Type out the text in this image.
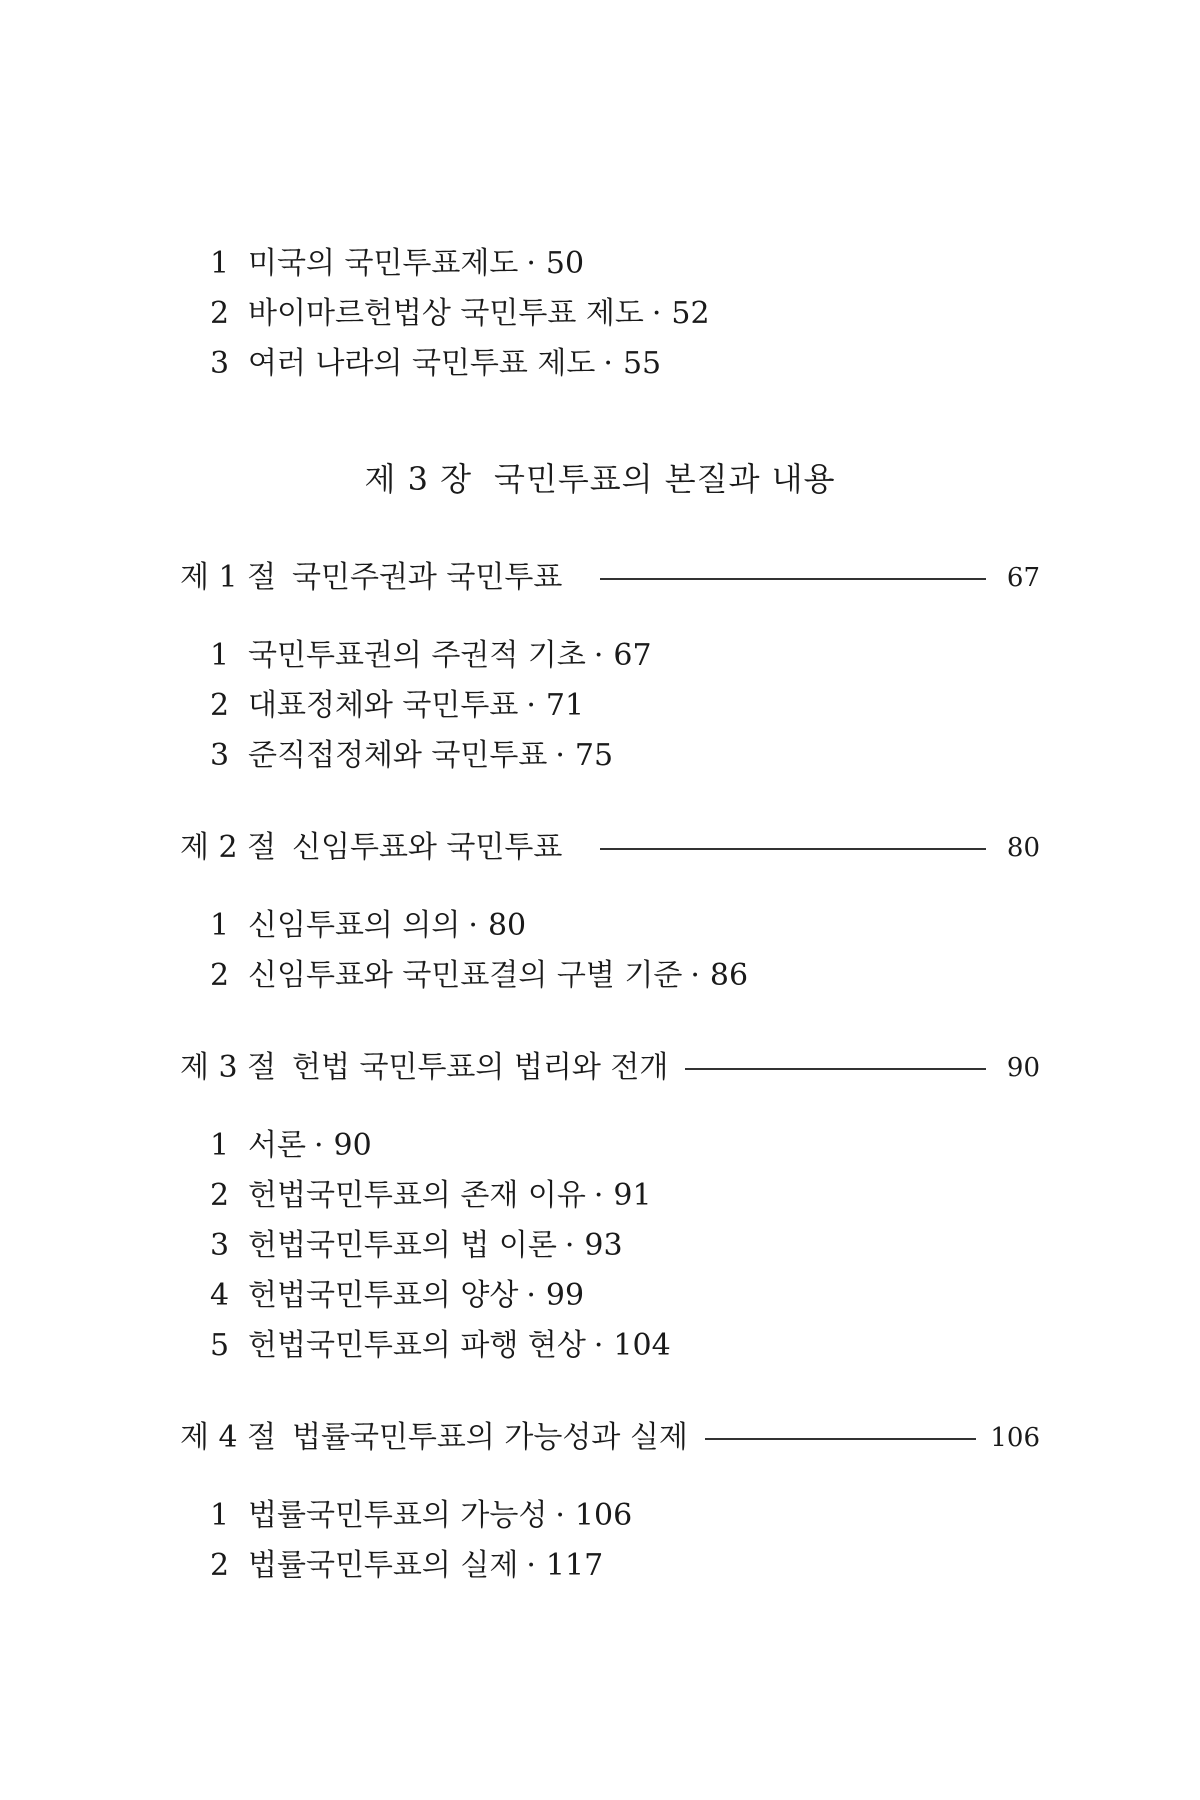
1 미국의 국민투표제도 · 50
2 바이마르헌법상 국민투표 제도 · 52
3 여러 나라의 국민투표 제도 · 55
제 3 장 국민투표의 본질과 내용
제 1 절 국민주권과 국민투표	67
1 국민투표권의 주권적 기초 · 67
2 대표정체와 국민투표 · 71
3 준직접정체와 국민투표 · 75
제 2 절 신임투표와 국민투표	80
1 신임투표의 의의 · 80
2 신임투표와 국민표결의 구별 기준 · 86
제 3 절 헌법 국민투표의 법리와 전개	90
1 서론 · 90
2 헌법국민투표의 존재 이유 · 91
3 헌법국민투표의 법 이론 · 93
4 헌법국민투표의 양상 · 99
5 헌법국민투표의 파행 현상 · 104
제 4 절 법률국민투표의 가능성과 실제	106
1 법률국민투표의 가능성 · 106
2 법률국민투표의 실제 · 117
